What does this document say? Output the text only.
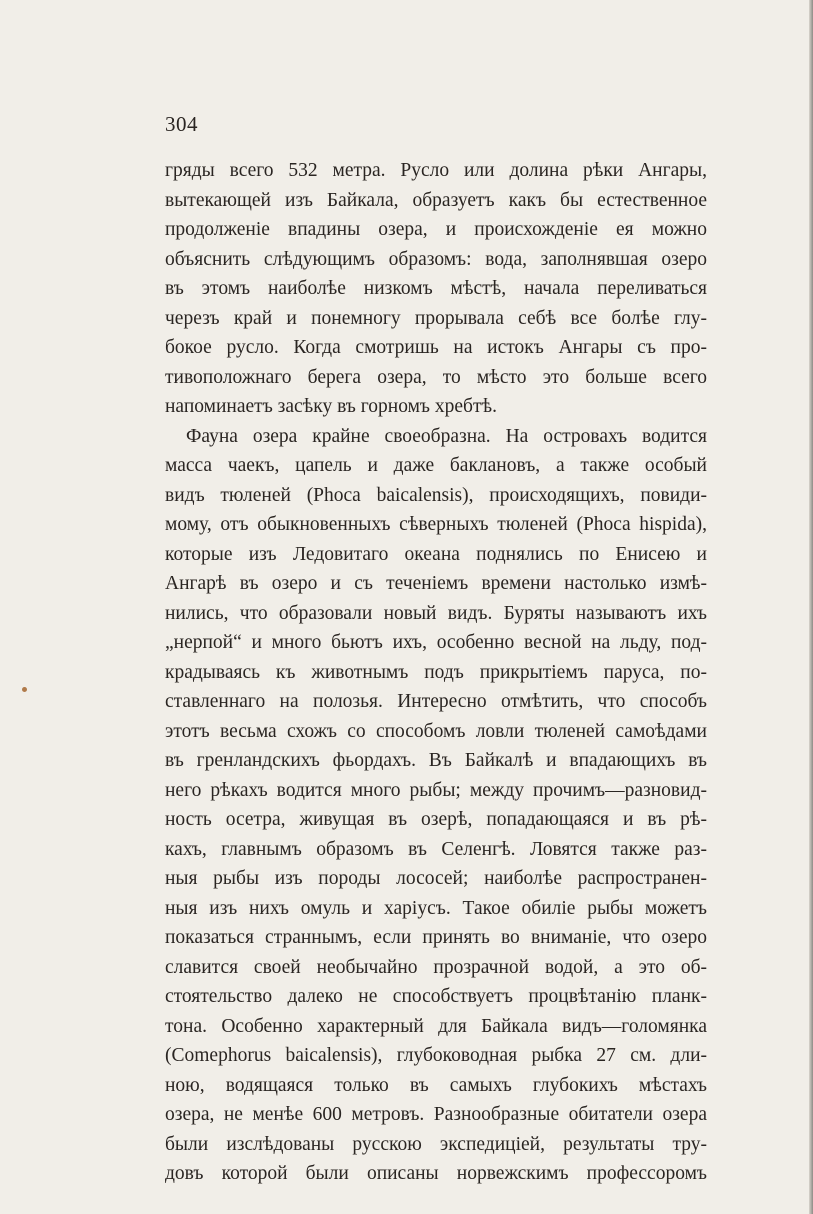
304
гряды всего 532 метра. Русло или долина рѣки Ангары,
вытекающей изъ Байкала, образуетъ какъ бы естественное
продолженіе впадины озера, и происхожденіе ея можно
объяснить слѣдующимъ образомъ: вода, заполнявшая озеро
въ этомъ наиболѣе низкомъ мѣстѣ, начала переливаться
черезъ край и понемногу прорывала себѣ все болѣе глу-
бокое русло. Когда смотришь на истокъ Ангары съ про-
тивоположнаго берега озера, то мѣсто это больше всего
напоминаетъ засѣку въ горномъ хребтѣ.
Фауна озера крайне своеобразна. На островахъ водится
масса чаекъ, цапель и даже баклановъ, а также особый
видъ тюленей (Phoca baicalensis), происходящихъ, повиди-
мому, отъ обыкновенныхъ сѣверныхъ тюленей (Phoca hispida),
которые изъ Ледовитаго океана поднялись по Енисею и
Ангарѣ въ озеро и съ теченіемъ времени настолько измѣ-
нились, что образовали новый видъ. Буряты называютъ ихъ
„нерпой“ и много бьютъ ихъ, особенно весной на льду, под-
крадываясь къ животнымъ подъ прикрытіемъ паруса, по-
ставленнаго на полозья. Интересно отмѣтить, что способъ
этотъ весьма схожъ со способомъ ловли тюленей самоѣдами
въ гренландскихъ фьордахъ. Въ Байкалѣ и впадающихъ въ
него рѣкахъ водится много рыбы; между прочимъ—разновид-
ность осетра, живущая въ озерѣ, попадающаяся и въ рѣ-
кахъ, главнымъ образомъ въ Селенгѣ. Ловятся также раз-
ныя рыбы изъ породы лососей; наиболѣе распространен-
ныя изъ нихъ омуль и харіусъ. Такое обиліе рыбы можетъ
показаться страннымъ, если принять во вниманіе, что озеро
славится своей необычайно прозрачной водой, а это об-
стоятельство далеко не способствуетъ процвѣтанію планк-
тона. Особенно характерный для Байкала видъ—голомянка
(Comephorus baicalensis), глубоководная рыбка 27 см. дли-
ною, водящаяся только въ самыхъ глубокихъ мѣстахъ
озера, не менѣе 600 метровъ. Разнообразные обитатели озера
были изслѣдованы русскою экспедиціей, результаты тру-
довъ которой были описаны норвежскимъ профессоромъ
